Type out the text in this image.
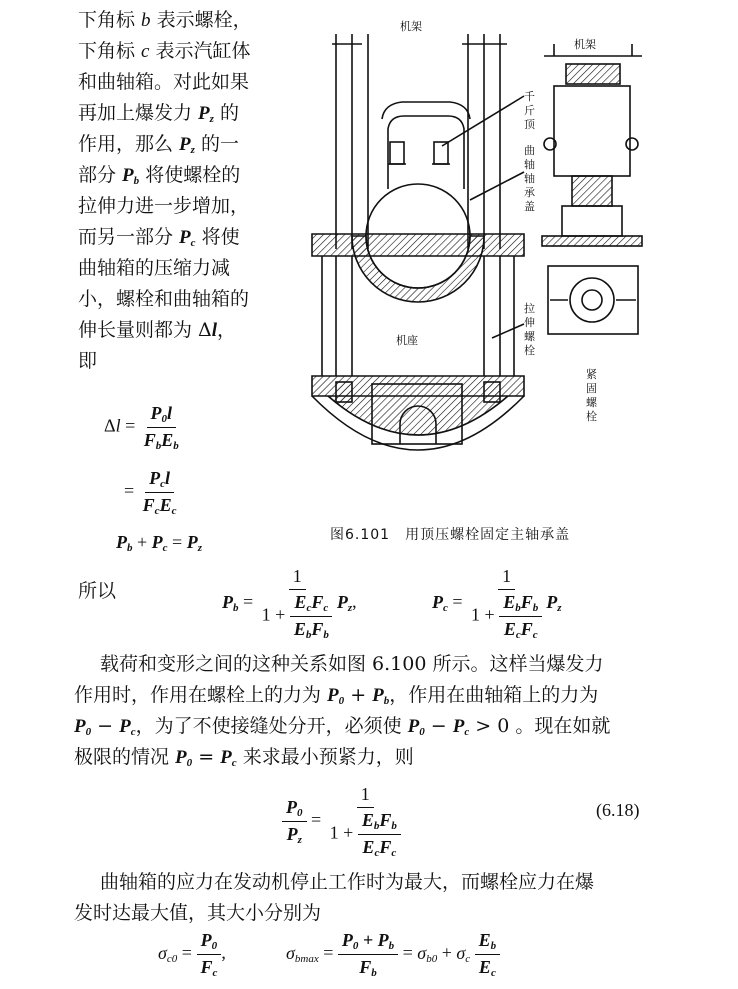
下角标 b 表示螺栓，
下角标 c 表示汽缸体
和曲轴箱。对此如果
再加上爆发力 $P_z$ 的
作用，那么 $P_z$ 的一
部分 $P_b$ 将使螺栓的
拉伸力进一步增加，
而另一部分 $P_c$ 将使
曲轴箱的压缩力减
小，螺栓和曲轴箱的
伸长量则都为 Δl，
即
$\Delta l = \frac{P_0l}{F_bE_b}$
= $\frac{P_cl}{F_cE_c}$
$P_b + P_c = P_z$
机架
机架
机座
千
斤
顶
曲
轴
轴
承
盖
拉
伸
螺
栓
紧
固
螺
栓
图6.101　用顶压螺栓固定主轴承盖
所以	$P_b = \frac{1}{1 + \frac{E_cF_c}{E_bF_b}} P_z$,	$P_c = \frac{1}{1 + \frac{E_bF_b}{E_cF_c}} P_z$
载荷和变形之间的这种关系如图 6.100 所示。这样当爆发力
作用时，作用在螺栓上的力为 $P_0 + P_b$，作用在曲轴箱上的力为
$P_0 - P_c$，为了不使接缝处分开，必须使 $P_0 - P_c > 0$ 。现在如就
极限的情况 $P_0 = P_c$ 来求最小预紧力，则
$\frac{P_0}{P_z} = \frac{1}{1 + \frac{E_bF_b}{E_cF_c}}$	(6.18)
曲轴箱的应力在发动机停止工作时为最大，而螺栓应力在爆
发时达最大值，其大小分别为
$\sigma_{c0} = \frac{P_0}{F_c}$ ,	$\sigma_{bmax} = \frac{P_0 + P_b}{F_b} = \sigma_{b0} + \sigma_c \frac{E_b}{E_c}$
